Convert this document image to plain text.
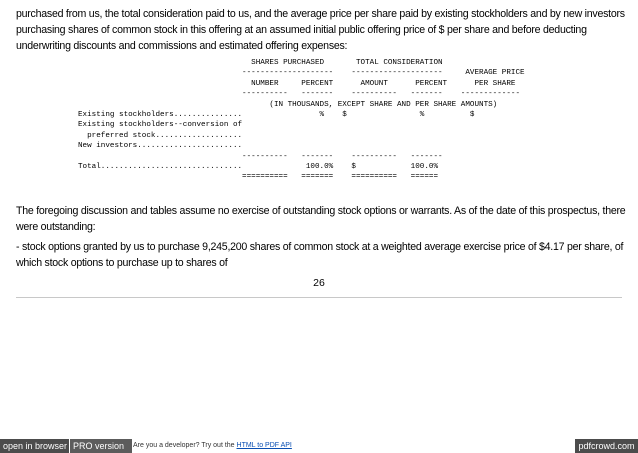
purchased from us, the total consideration paid to us, and the average price per share paid by existing stockholders and by new investors purchasing shares of common stock in this offering at an assumed initial public offering price of $ per share and before deducting underwriting discounts and commissions and estimated offering expenses:
SHARES PURCHASED       TOTAL CONSIDERATION
--------------------    --------------------     AVERAGE PRICE
NUMBER     PERCENT      AMOUNT      PERCENT      PER SHARE
----------   -------    ----------   -------    -------------
(IN THOUSANDS, EXCEPT SHARE AND PER SHARE AMOUNTS)
Existing stockholders...............                 %    $                %          $
Existing stockholders--conversion of
preferred stock...................
New investors.......................
----------   -------    ----------   -------
Total...............................              100.0%    $            100.0%
==========   =======    ==========   ======
The foregoing discussion and tables assume no exercise of outstanding stock options or warrants. As of the date of this prospectus, there were outstanding:
- stock options granted by us to purchase 9,245,200 shares of common stock at a weighted average exercise price of $4.17 per share, of which stock options to purchase up to shares of
26
open in browser PRO version	Are you a developer? Try out the HTML to PDF API	pdfcrowd.com
